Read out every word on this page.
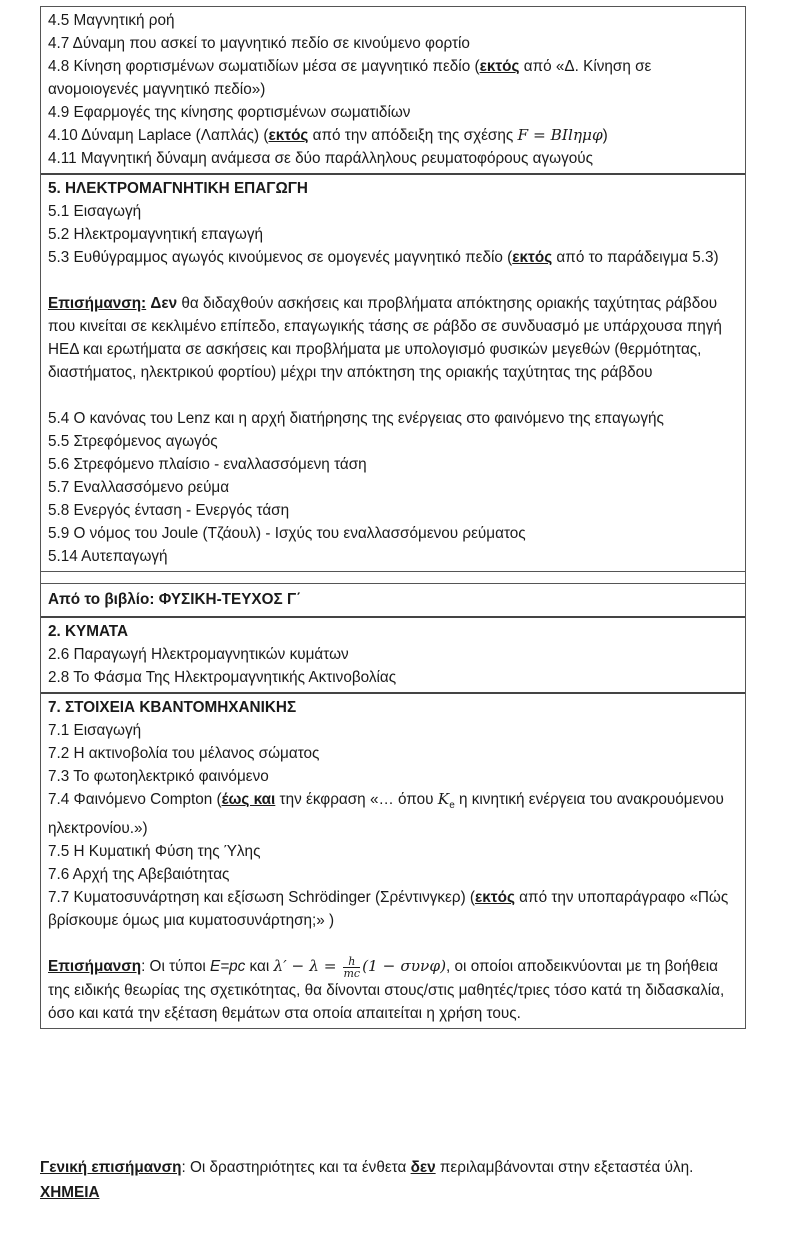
4.5 Μαγνητική ροή
4.7 Δύναμη που ασκεί το μαγνητικό πεδίο σε κινούμενο φορτίο
4.8 Κίνηση φορτισμένων σωματιδίων μέσα σε μαγνητικό πεδίο (εκτός από «Δ. Κίνηση σε ανομοιογενές μαγνητικό πεδίο»)
4.9 Εφαρμογές της κίνησης φορτισμένων σωματιδίων
4.10 Δύναμη Laplace (Λαπλάς) (εκτός από την απόδειξη της σχέσης F = BIlημφ)
4.11 Μαγνητική δύναμη ανάμεσα σε δύο παράλληλους ρευματοφόρους αγωγούς
5. ΗΛΕΚΤΡΟΜΑΓΝΗΤΙΚΗ ΕΠΑΓΩΓΗ
5.1 Εισαγωγή
5.2 Ηλεκτρομαγνητική επαγωγή
5.3 Ευθύγραμμος αγωγός κινούμενος σε ομογενές μαγνητικό πεδίο (εκτός από το παράδειγμα 5.3)
Επισήμανση: Δεν θα διδαχθούν ασκήσεις και προβλήματα απόκτησης οριακής ταχύτητας ράβδου που κινείται σε κεκλιμένο επίπεδο, επαγωγικής τάσης σε ράβδο σε συνδυασμό με υπάρχουσα πηγή ΗΕΔ και ερωτήματα σε ασκήσεις και προβλήματα με υπολογισμό φυσικών μεγεθών (θερμότητας, διαστήματος, ηλεκτρικού φορτίου) μέχρι την απόκτηση της οριακής ταχύτητας της ράβδου
5.4 Ο κανόνας του Lenz και η αρχή διατήρησης της ενέργειας στο φαινόμενο της επαγωγής
5.5 Στρεφόμενος αγωγός
5.6 Στρεφόμενο πλαίσιο - εναλλασσόμενη τάση
5.7 Εναλλασσόμενο ρεύμα
5.8 Ενεργός ένταση - Ενεργός τάση
5.9 Ο νόμος του Joule (Τζάουλ) - Ισχύς του εναλλασσόμενου ρεύματος
5.14 Αυτεπαγωγή
Από το βιβλίο: ΦΥΣΙΚΗ-ΤΕΥΧΟΣ Γ΄
2. ΚΥΜΑΤΑ
2.6 Παραγωγή Ηλεκτρομαγνητικών κυμάτων
2.8 Το Φάσμα Της Ηλεκτρομαγνητικής Ακτινοβολίας
7. ΣΤΟΙΧΕΙΑ ΚΒΑΝΤΟΜΗΧΑΝΙΚΗΣ
7.1 Εισαγωγή
7.2 Η ακτινοβολία του μέλανος σώματος
7.3 Το φωτοηλεκτρικό φαινόμενο
7.4 Φαινόμενο Compton (έως και την έκφραση «… όπου $K_e$ η κινητική ενέργεια του ανακρουόμενου ηλεκτρονίου.»)
7.5 Η Κυματική Φύση της Ύλης
7.6 Αρχή της Αβεβαιότητας
7.7 Κυματοσυνάρτηση και εξίσωση Schrödinger (Σρέντινγκερ) (εκτός από την υποπαράγραφο «Πώς βρίσκουμε όμως μια κυματοσυνάρτηση;» )
Επισήμανση: Οι τύποι E=pc και $\lambda' - \lambda = \frac{h}{mc} (1 - \sigma\upsilon\nu\varphi)$, οι οποίοι αποδεικνύονται με τη βοήθεια της ειδικής θεωρίας της σχετικότητας, θα δίνονται στους/στις μαθητές/τριες τόσο κατά τη διδασκαλία, όσο και κατά την εξέταση θεμάτων στα οποία απαιτείται η χρήση τους.
Γενική επισήμανση: Οι δραστηριότητες και τα ένθετα δεν περιλαμβάνονται στην εξεταστέα ύλη.
ΧΗΜΕΙΑ
